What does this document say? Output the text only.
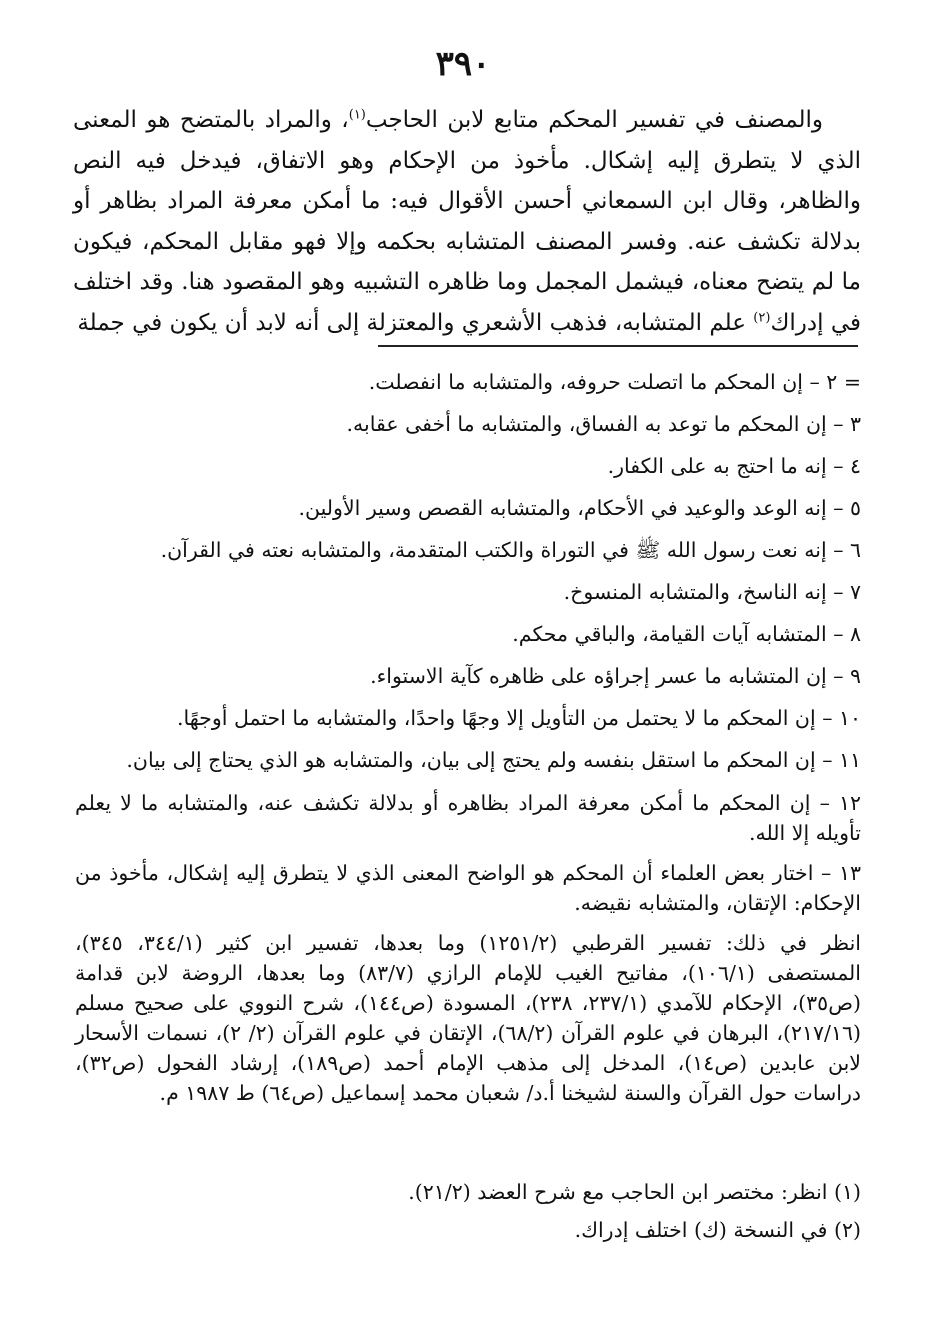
٣٩٠

والمصنف في تفسير المحكم متابع لابن الحاجب$^{(١)}$، والمراد بالمتضح هو المعنى الذي لا يتطرق إليه إشكال. مأخوذ من الإحكام وهو الاتفاق، فيدخل فيه النص والظاهر، وقال ابن السمعاني أحسن الأقوال فيه: ما أمكن معرفة المراد بظاهر أو بدلالة تكشف عنه. وفسر المصنف المتشابه بحكمه وإلا فهو مقابل المحكم، فيكون ما لم يتضح معناه، فيشمل المجمل وما ظاهره التشبيه وهو المقصود هنا. وقد اختلف في إدراك$^{(٢)}$ علم المتشابه، فذهب الأشعري والمعتزلة إلى أنه لابد أن يكون في جملة

= ٢ – إن المحكم ما اتصلت حروفه، والمتشابه ما انفصلت.

٣ – إن المحكم ما توعد به الفساق، والمتشابه ما أخفى عقابه.

٤ – إنه ما احتج به على الكفار.

٥ – إنه الوعد والوعيد في الأحكام، والمتشابه القصص وسير الأولين.

٦ – إنه نعت رسول الله ﷺ في التوراة والكتب المتقدمة، والمتشابه نعته في القرآن.

٧ – إنه الناسخ، والمتشابه المنسوخ.

٨ – المتشابه آيات القيامة، والباقي محكم.

٩ – إن المتشابه ما عسر إجراؤه على ظاهره كآية الاستواء.

١٠ – إن المحكم ما لا يحتمل من التأويل إلا وجهًا واحدًا، والمتشابه ما احتمل أوجهًا.

١١ – إن المحكم ما استقل بنفسه ولم يحتج إلى بيان، والمتشابه هو الذي يحتاج إلى بيان.

١٢ – إن المحكم ما أمكن معرفة المراد بظاهره أو بدلالة تكشف عنه، والمتشابه ما لا يعلم تأويله إلا الله.

١٣ – اختار بعض العلماء أن المحكم هو الواضح المعنى الذي لا يتطرق إليه إشكال، مأخوذ من الإحكام: الإتقان، والمتشابه نقيضه.

انظر في ذلك: تفسير القرطبي (١٢٥١/٢) وما بعدها، تفسير ابن كثير (٣٤٤/١، ٣٤٥)، المستصفى (١٠٦/١)، مفاتيح الغيب للإمام الرازي (٨٣/٧) وما بعدها، الروضة لابن قدامة (ص٣٥)، الإحكام للآمدي (٢٣٧/١، ٢٣٨)، المسودة (ص١٤٤)، شرح النووي على صحيح مسلم (٢١٧/١٦)، البرهان في علوم القرآن (٦٨/٢)، الإتقان في علوم القرآن (٢/ ٢)، نسمات الأسحار لابن عابدين (ص١٤)، المدخل إلى مذهب الإمام أحمد (ص١٨٩)، إرشاد الفحول (ص٣٢)، دراسات حول القرآن والسنة لشيخنا أ.د/ شعبان محمد إسماعيل (ص٦٤) ط ١٩٨٧ م.

(١) انظر: مختصر ابن الحاجب مع شرح العضد (٢١/٢).

(٢) في النسخة (ك) اختلف إدراك.
